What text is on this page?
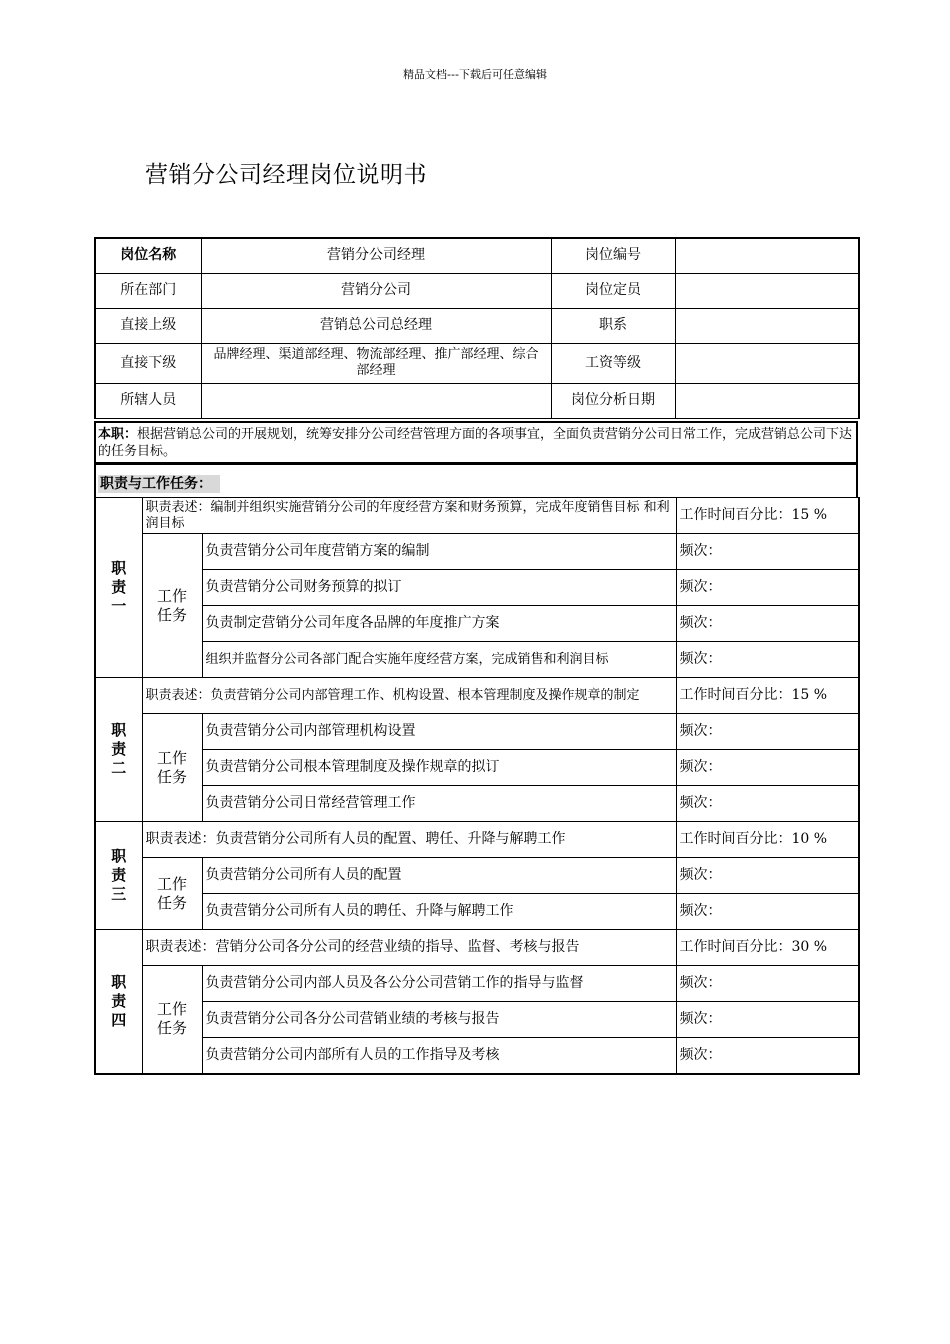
精品文档---下载后可任意编辑
营销分公司经理岗位说明书
岗位名称	营销分公司经理	岗位编号	
所在部门	营销分公司	岗位定员	
直接上级	营销总公司总经理	职系	
直接下级	品牌经理、渠道部经理、物流部经理、推广部经理、综合部经理	工资等级	
所辖人员		岗位分析日期	
本职：根据营销总公司的开展规划，统筹安排分公司经营管理方面的各项事宜，全面负责营销分公司日常工作，完成营销总公司下达的任务目标。
职责与工作任务：
职
责
一	职责表述：编制并组织实施营销分公司的年度经营方案和财务预算，完成年度销售目标 和利润目标		工作时间百分比：15 %

	工作
任务	负责营销分公司年度营销方案的编制	频次：
		负责营销分公司财务预算的拟订	频次：
		负责制定营销分公司年度各品牌的年度推广方案	频次：
		组织并监督分公司各部门配合实施年度经营方案，完成销售和利润目标	频次：

职
责
二	职责表述：负责营销分公司内部管理工作、机构设置、根本管理制度及操作规章的制定		工作时间百分比：15 %

	工作
任务	负责营销分公司内部管理机构设置	频次：
		负责营销分公司根本管理制度及操作规章的拟订	频次：
		负责营销分公司日常经营管理工作	频次：

职
责
三	职责表述：负责营销分公司所有人员的配置、聘任、升降与解聘工作		工作时间百分比：10 %

	工作
任务	负责营销分公司所有人员的配置	频次：
		负责营销分公司所有人员的聘任、升降与解聘工作	频次：

职
责
四	职责表述：营销分公司各分公司的经营业绩的指导、监督、考核与报告		工作时间百分比：30 %

	工作
任务	负责营销分公司内部人员及各公分公司营销工作的指导与监督	频次：
		负责营销分公司各分公司营销业绩的考核与报告	频次：
		负责营销分公司内部所有人员的工作指导及考核	频次：
